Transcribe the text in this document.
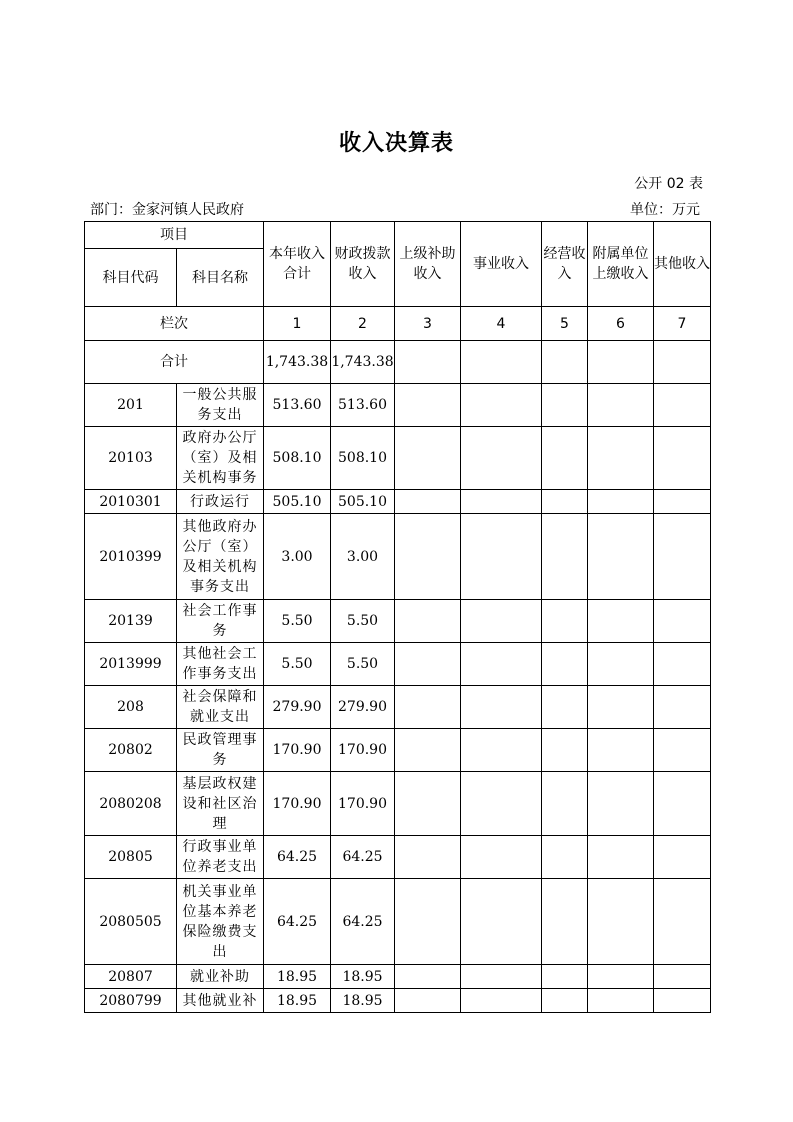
收入决算表
公开 02 表
部门：金家河镇人民政府	单位：万元
项目		本年收入合计	财政拨款收入	上级补助收入	事业收入	经营收入	附属单位上缴收入	其他收入
科目代码	科目名称							
栏次		1	2	3	4	5	6	7
合计		1,743.38	1,743.38					
201	一般公共服务支出	513.60	513.60					
20103	政府办公厅（室）及相关机构事务	508.10	508.10					
2010301	行政运行	505.10	505.10					
2010399	其他政府办公厅（室）及相关机构事务支出	3.00	3.00					
20139	社会工作事务	5.50	5.50					
2013999	其他社会工作事务支出	5.50	5.50					
208	社会保障和就业支出	279.90	279.90					
20802	民政管理事务	170.90	170.90					
2080208	基层政权建设和社区治理	170.90	170.90					
20805	行政事业单位养老支出	64.25	64.25					
2080505	机关事业单位基本养老保险缴费支出	64.25	64.25					
20807	就业补助	18.95	18.95					
2080799	其他就业补	18.95	18.95					
